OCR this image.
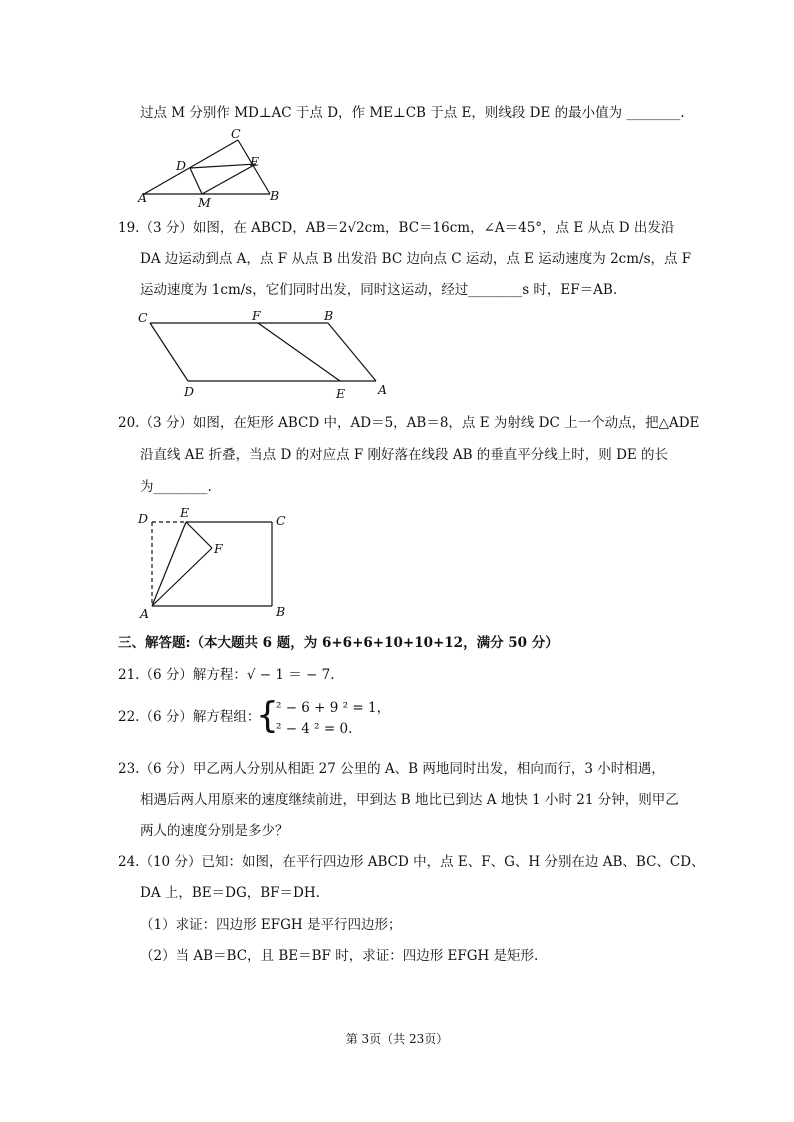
过点 M 分别作 MD⊥AC 于点 D，作 ME⊥CB 于点 E，则线段 DE 的最小值为 ________.
C
D	E
A	M	B
19.（3 分）如图，在 ABCD，AB＝2√2cm，BC＝16cm，∠A＝45°，点 E 从点 D 出发沿
DA 边运动到点 A，点 F 从点 B 出发沿 BC 边向点 C 运动，点 E 运动速度为 2cm/s，点 F
运动速度为 1cm/s，它们同时出发，同时这运动，经过________s 时，EF＝AB.
C	F	B
D	E	A
20.（3 分）如图，在矩形 ABCD 中，AD＝5，AB＝8，点 E 为射线 DC 上一个动点，把△ADE
沿直线 AE 折叠，当点 D 的对应点 F 刚好落在线段 AB 的垂直平分线上时，则 DE 的长
为________.
D	E
C
F
A	B
三、解答题:（本大题共 6 题，为 6+6+6+10+10+12，满分 50 分）
21.（6 分）解方程：√ − 1 ＝ − 7.
22.（6 分）解方程组：
{
² − 6 + 9 ² = 1，
² − 4 ² = 0.
23.（6 分）甲乙两人分别从相距 27 公里的 A、B 两地同时出发，相向而行，3 小时相遇，
相遇后两人用原来的速度继续前进，甲到达 B 地比已到达 A 地快 1 小时 21 分钟，则甲乙
两人的速度分别是多少？
24.（10 分）已知：如图，在平行四边形 ABCD 中，点 E、F、G、H 分别在边 AB、BC、CD、
DA 上，BE＝DG，BF＝DH.
（1）求证：四边形 EFGH 是平行四边形；
（2）当 AB＝BC，且 BE＝BF 时，求证：四边形 EFGH 是矩形.
第 3页（共 23页）
